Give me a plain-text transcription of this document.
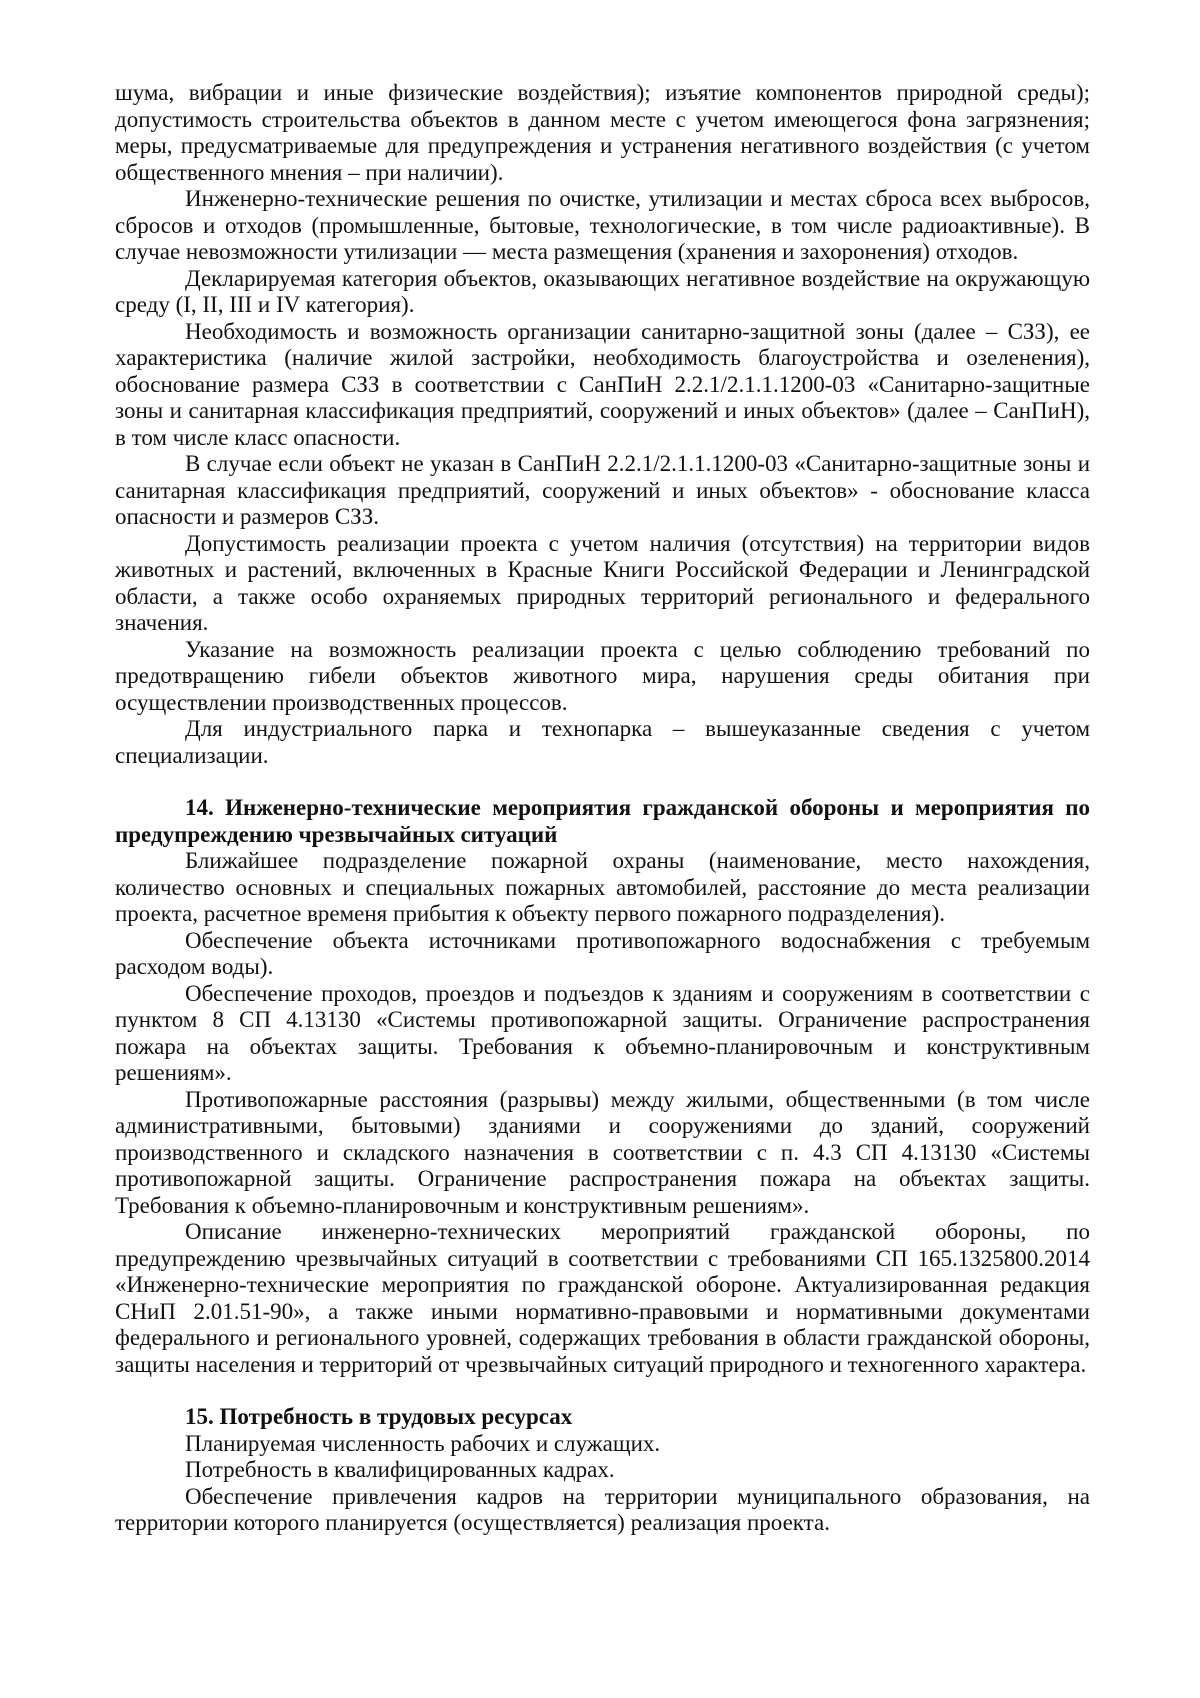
шума, вибрации и иные физические воздействия); изъятие компонентов природной среды); допустимость строительства объектов в данном месте с учетом имеющегося фона загрязнения; меры, предусматриваемые для предупреждения и устранения негативного воздействия (с учетом общественного мнения – при наличии).

Инженерно-технические решения по очистке, утилизации и местах сброса всех выбросов, сбросов и отходов (промышленные, бытовые, технологические, в том числе радиоактивные). В случае невозможности утилизации — места размещения (хранения и захоронения) отходов.

Декларируемая категория объектов, оказывающих негативное воздействие на окружающую среду (I, II, III и IV категория).

Необходимость и возможность организации санитарно-защитной зоны (далее – СЗЗ), ее характеристика (наличие жилой застройки, необходимость благоустройства и озеленения), обоснование размера СЗЗ в соответствии с СанПиН 2.2.1/2.1.1.1200-03 «Санитарно-защитные зоны и санитарная классификация предприятий, сооружений и иных объектов» (далее – СанПиН), в том числе класс опасности.

В случае если объект не указан в СанПиН 2.2.1/2.1.1.1200-03 «Санитарно-защитные зоны и санитарная классификация предприятий, сооружений и иных объектов» - обоснование класса опасности и размеров СЗЗ.

Допустимость реализации проекта с учетом наличия (отсутствия) на территории видов животных и растений, включенных в Красные Книги Российской Федерации и Ленинградской области, а также особо охраняемых природных территорий регионального и федерального значения.

Указание на возможность реализации проекта с целью соблюдению требований по предотвращению гибели объектов животного мира, нарушения среды обитания при осуществлении производственных процессов.

Для индустриального парка и технопарка – вышеуказанные сведения с учетом специализации.

14. Инженерно-технические мероприятия гражданской обороны и мероприятия по предупреждению чрезвычайных ситуаций

Ближайшее подразделение пожарной охраны (наименование, место нахождения, количество основных и специальных пожарных автомобилей, расстояние до места реализации проекта, расчетное временя прибытия к объекту первого пожарного подразделения).

Обеспечение объекта источниками противопожарного водоснабжения с требуемым расходом воды).

Обеспечение проходов, проездов и подъездов к зданиям и сооружениям в соответствии с пунктом 8 СП 4.13130 «Системы противопожарной защиты. Ограничение распространения пожара на объектах защиты. Требования к объемно-планировочным и конструктивным решениям».

Противопожарные расстояния (разрывы) между жилыми, общественными (в том числе административными, бытовыми) зданиями и сооружениями до зданий, сооружений производственного и складского назначения в соответствии с п. 4.3 СП 4.13130 «Системы противопожарной защиты. Ограничение распространения пожара на объектах защиты. Требования к объемно-планировочным и конструктивным решениям».

Описание инженерно-технических мероприятий гражданской обороны, по предупреждению чрезвычайных ситуаций в соответствии с требованиями СП 165.1325800.2014 «Инженерно-технические мероприятия по гражданской обороне. Актуализированная редакция СНиП 2.01.51-90», а также иными нормативно-правовыми и нормативными документами федерального и регионального уровней, содержащих требования в области гражданской обороны, защиты населения и территорий от чрезвычайных ситуаций природного и техногенного характера.

15. Потребность в трудовых ресурсах

Планируемая численность рабочих и служащих.

Потребность в квалифицированных кадрах.

Обеспечение привлечения кадров на территории муниципального образования, на территории которого планируется (осуществляется) реализация проекта.
